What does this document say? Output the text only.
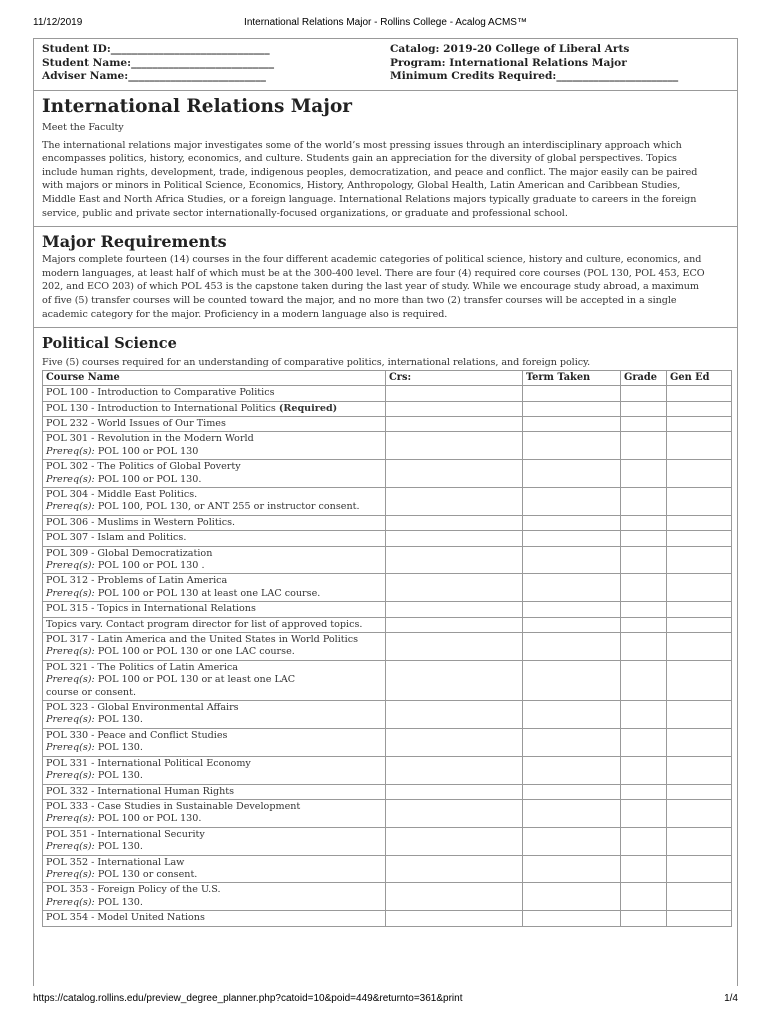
11/12/2019	International Relations Major - Rollins College - Acalog ACMS™
Student ID:______________________________
Student Name:___________________________
Adviser Name:__________________________
Catalog: 2019-20 College of Liberal Arts
Program: International Relations Major
Minimum Credits Required:_______________________
International Relations Major
Meet the Faculty
The international relations major investigates some of the world’s most pressing issues through an interdisciplinary approach which
encompasses politics, history, economics, and culture. Students gain an appreciation for the diversity of global perspectives. Topics
include human rights, development, trade, indigenous peoples, democratization, and peace and conflict. The major easily can be paired
with majors or minors in Political Science, Economics, History, Anthropology, Global Health, Latin American and Caribbean Studies,
Middle East and North Africa Studies, or a foreign language. International Relations majors typically graduate to careers in the foreign
service, public and private sector internationally-focused organizations, or graduate and professional school.
Major Requirements
Majors complete fourteen (14) courses in the four different academic categories of political science, history and culture, economics, and
modern languages, at least half of which must be at the 300-400 level. There are four (4) required core courses (POL 130, POL 453, ECO
202, and ECO 203) of which POL 453 is the capstone taken during the last year of study. While we encourage study abroad, a maximum
of five (5) transfer courses will be counted toward the major, and no more than two (2) transfer courses will be accepted in a single
academic category for the major. Proficiency in a modern language also is required.
Political Science
Five (5) courses required for an understanding of comparative politics, international relations, and foreign policy.
Course Name	Crs:	Term Taken	Grade	Gen Ed

POL 100 - Introduction to Comparative Politics				

POL 130 - Introduction to International Politics (Required)				

POL 232 - World Issues of Our Times				

POL 301 - Revolution in the Modern World
Prereq(s): POL 100 or POL 130				

POL 302 - The Politics of Global Poverty
Prereq(s): POL 100 or POL 130.				

POL 304 - Middle East Politics.
Prereq(s): POL 100, POL 130, or ANT 255 or instructor consent.				

POL 306 - Muslims in Western Politics.				

POL 307 - Islam and Politics.				

POL 309 - Global Democratization
Prereq(s): POL 100 or POL 130 .				

POL 312 - Problems of Latin America
Prereq(s): POL 100 or POL 130 at least one LAC course.				

POL 315 - Topics in International Relations				

Topics vary. Contact program director for list of approved topics.				

POL 317 - Latin America and the United States in World Politics
Prereq(s): POL 100 or POL 130 or one LAC course.				

POL 321 - The Politics of Latin America
Prereq(s): POL 100 or POL 130 or at least one LAC
course or consent.				

POL 323 - Global Environmental Affairs
Prereq(s): POL 130.				

POL 330 - Peace and Conflict Studies
Prereq(s): POL 130.				

POL 331 - International Political Economy
Prereq(s): POL 130.				

POL 332 - International Human Rights				

POL 333 - Case Studies in Sustainable Development
Prereq(s): POL 100 or POL 130.				

POL 351 - International Security
Prereq(s): POL 130.				

POL 352 - International Law
Prereq(s): POL 130 or consent.				

POL 353 - Foreign Policy of the U.S.
Prereq(s): POL 130.				

POL 354 - Model United Nations				

https://catalog.rollins.edu/preview_degree_planner.php?catoid=10&poid=449&returnto=361&print	1/4
